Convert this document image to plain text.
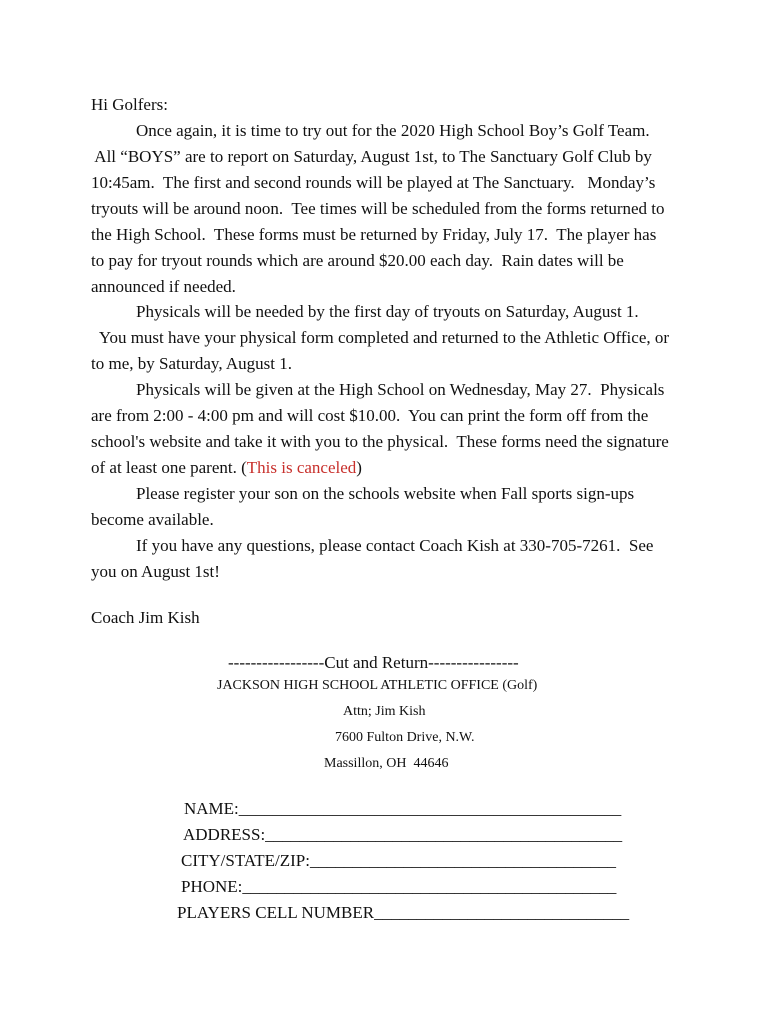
Hi Golfers:
Once again, it is time to try out for the 2020 High School Boy’s Golf Team.
All “BOYS” are to report on Saturday, August 1st, to The Sanctuary Golf Club by
10:45am.  The first and second rounds will be played at The Sanctuary.   Monday’s
tryouts will be around noon.  Tee times will be scheduled from the forms returned to
the High School.  These forms must be returned by Friday, July 17.  The player has
to pay for tryout rounds which are around $20.00 each day.  Rain dates will be
announced if needed.
Physicals will be needed by the first day of tryouts on Saturday, August 1.
You must have your physical form completed and returned to the Athletic Office, or
to me, by Saturday, August 1.
Physicals will be given at the High School on Wednesday, May 27.  Physicals
are from 2:00 - 4:00 pm and will cost $10.00.  You can print the form off from the
school's website and take it with you to the physical.  These forms need the signature
of at least one parent. (This is canceled)
Please register your son on the schools website when Fall sports sign-ups
become available.
If you have any questions, please contact Coach Kish at 330-705-7261.  See
you on August 1st!
Coach Jim Kish
-----------------Cut and Return----------------
JACKSON HIGH SCHOOL ATHLETIC OFFICE (Golf)
Attn; Jim Kish
7600 Fulton Drive, N.W.
Massillon, OH  44646
NAME:_____________________________________________
ADDRESS:__________________________________________
CITY/STATE/ZIP:____________________________________
PHONE:____________________________________________
PLAYERS CELL NUMBER______________________________
